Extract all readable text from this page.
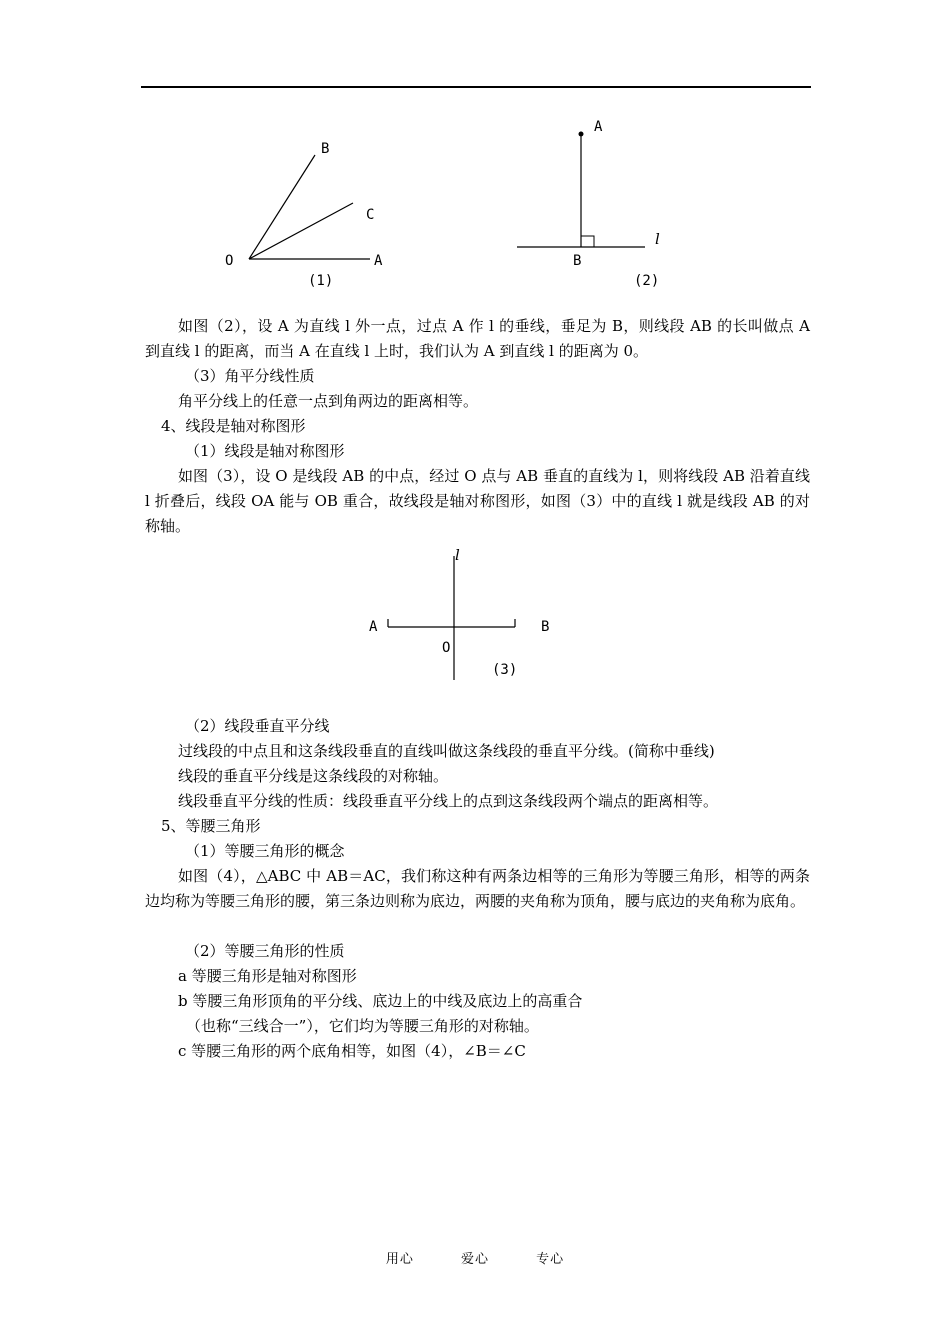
B
C
O	A
(1)
A
l
B
(2)

如图（2），设 A 为直线 l 外一点，过点 A 作 l 的垂线，垂足为 B，则线段 AB 的长叫做点 A 到直线 l 的距离，而当 A 在直线 l 上时，我们认为 A 到直线 l 的距离为 0。

（3）角平分线性质

角平分线上的任意一点到角两边的距离相等。

4、线段是轴对称图形

（1）线段是轴对称图形

如图（3），设 O 是线段 AB 的中点，经过 O 点与 AB 垂直的直线为 l，则将线段 AB 沿着直线 l 折叠后，线段 OA 能与 OB 重合，故线段是轴对称图形，如图（3）中的直线 l 就是线段 AB 的对称轴。

l
A	B
O
(3)

（2）线段垂直平分线

过线段的中点且和这条线段垂直的直线叫做这条线段的垂直平分线。(简称中垂线)

线段的垂直平分线是这条线段的对称轴。

线段垂直平分线的性质：线段垂直平分线上的点到这条线段两个端点的距离相等。

5、等腰三角形

（1）等腰三角形的概念

如图（4），△ABC 中 AB＝AC，我们称这种有两条边相等的三角形为等腰三角形，相等的两条边均称为等腰三角形的腰，第三条边则称为底边，两腰的夹角称为顶角，腰与底边的夹角称为底角。

（2）等腰三角形的性质

a 等腰三角形是轴对称图形

b 等腰三角形顶角的平分线、底边上的中线及底边上的高重合

（也称“三线合一”），它们均为等腰三角形的对称轴。

c 等腰三角形的两个底角相等，如图（4），∠B＝∠C

用心	爱心	专心
